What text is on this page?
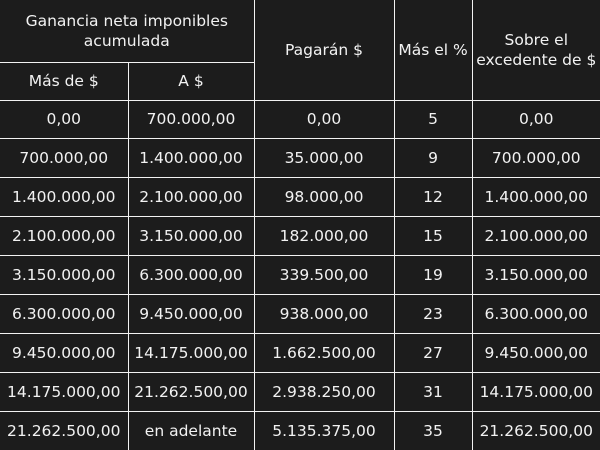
Ganancia neta imponibles acumulada		Pagarán $	Más el %	Sobre el excedente de $
Más de $	A $			
0,00	700.000,00	0,00	5	0,00
700.000,00	1.400.000,00	35.000,00	9	700.000,00
1.400.000,00	2.100.000,00	98.000,00	12	1.400.000,00
2.100.000,00	3.150.000,00	182.000,00	15	2.100.000,00
3.150.000,00	6.300.000,00	339.500,00	19	3.150.000,00
6.300.000,00	9.450.000,00	938.000,00	23	6.300.000,00
9.450.000,00	14.175.000,00	1.662.500,00	27	9.450.000,00
14.175.000,00	21.262.500,00	2.938.250,00	31	14.175.000,00
21.262.500,00	en adelante	5.135.375,00	35	21.262.500,00
